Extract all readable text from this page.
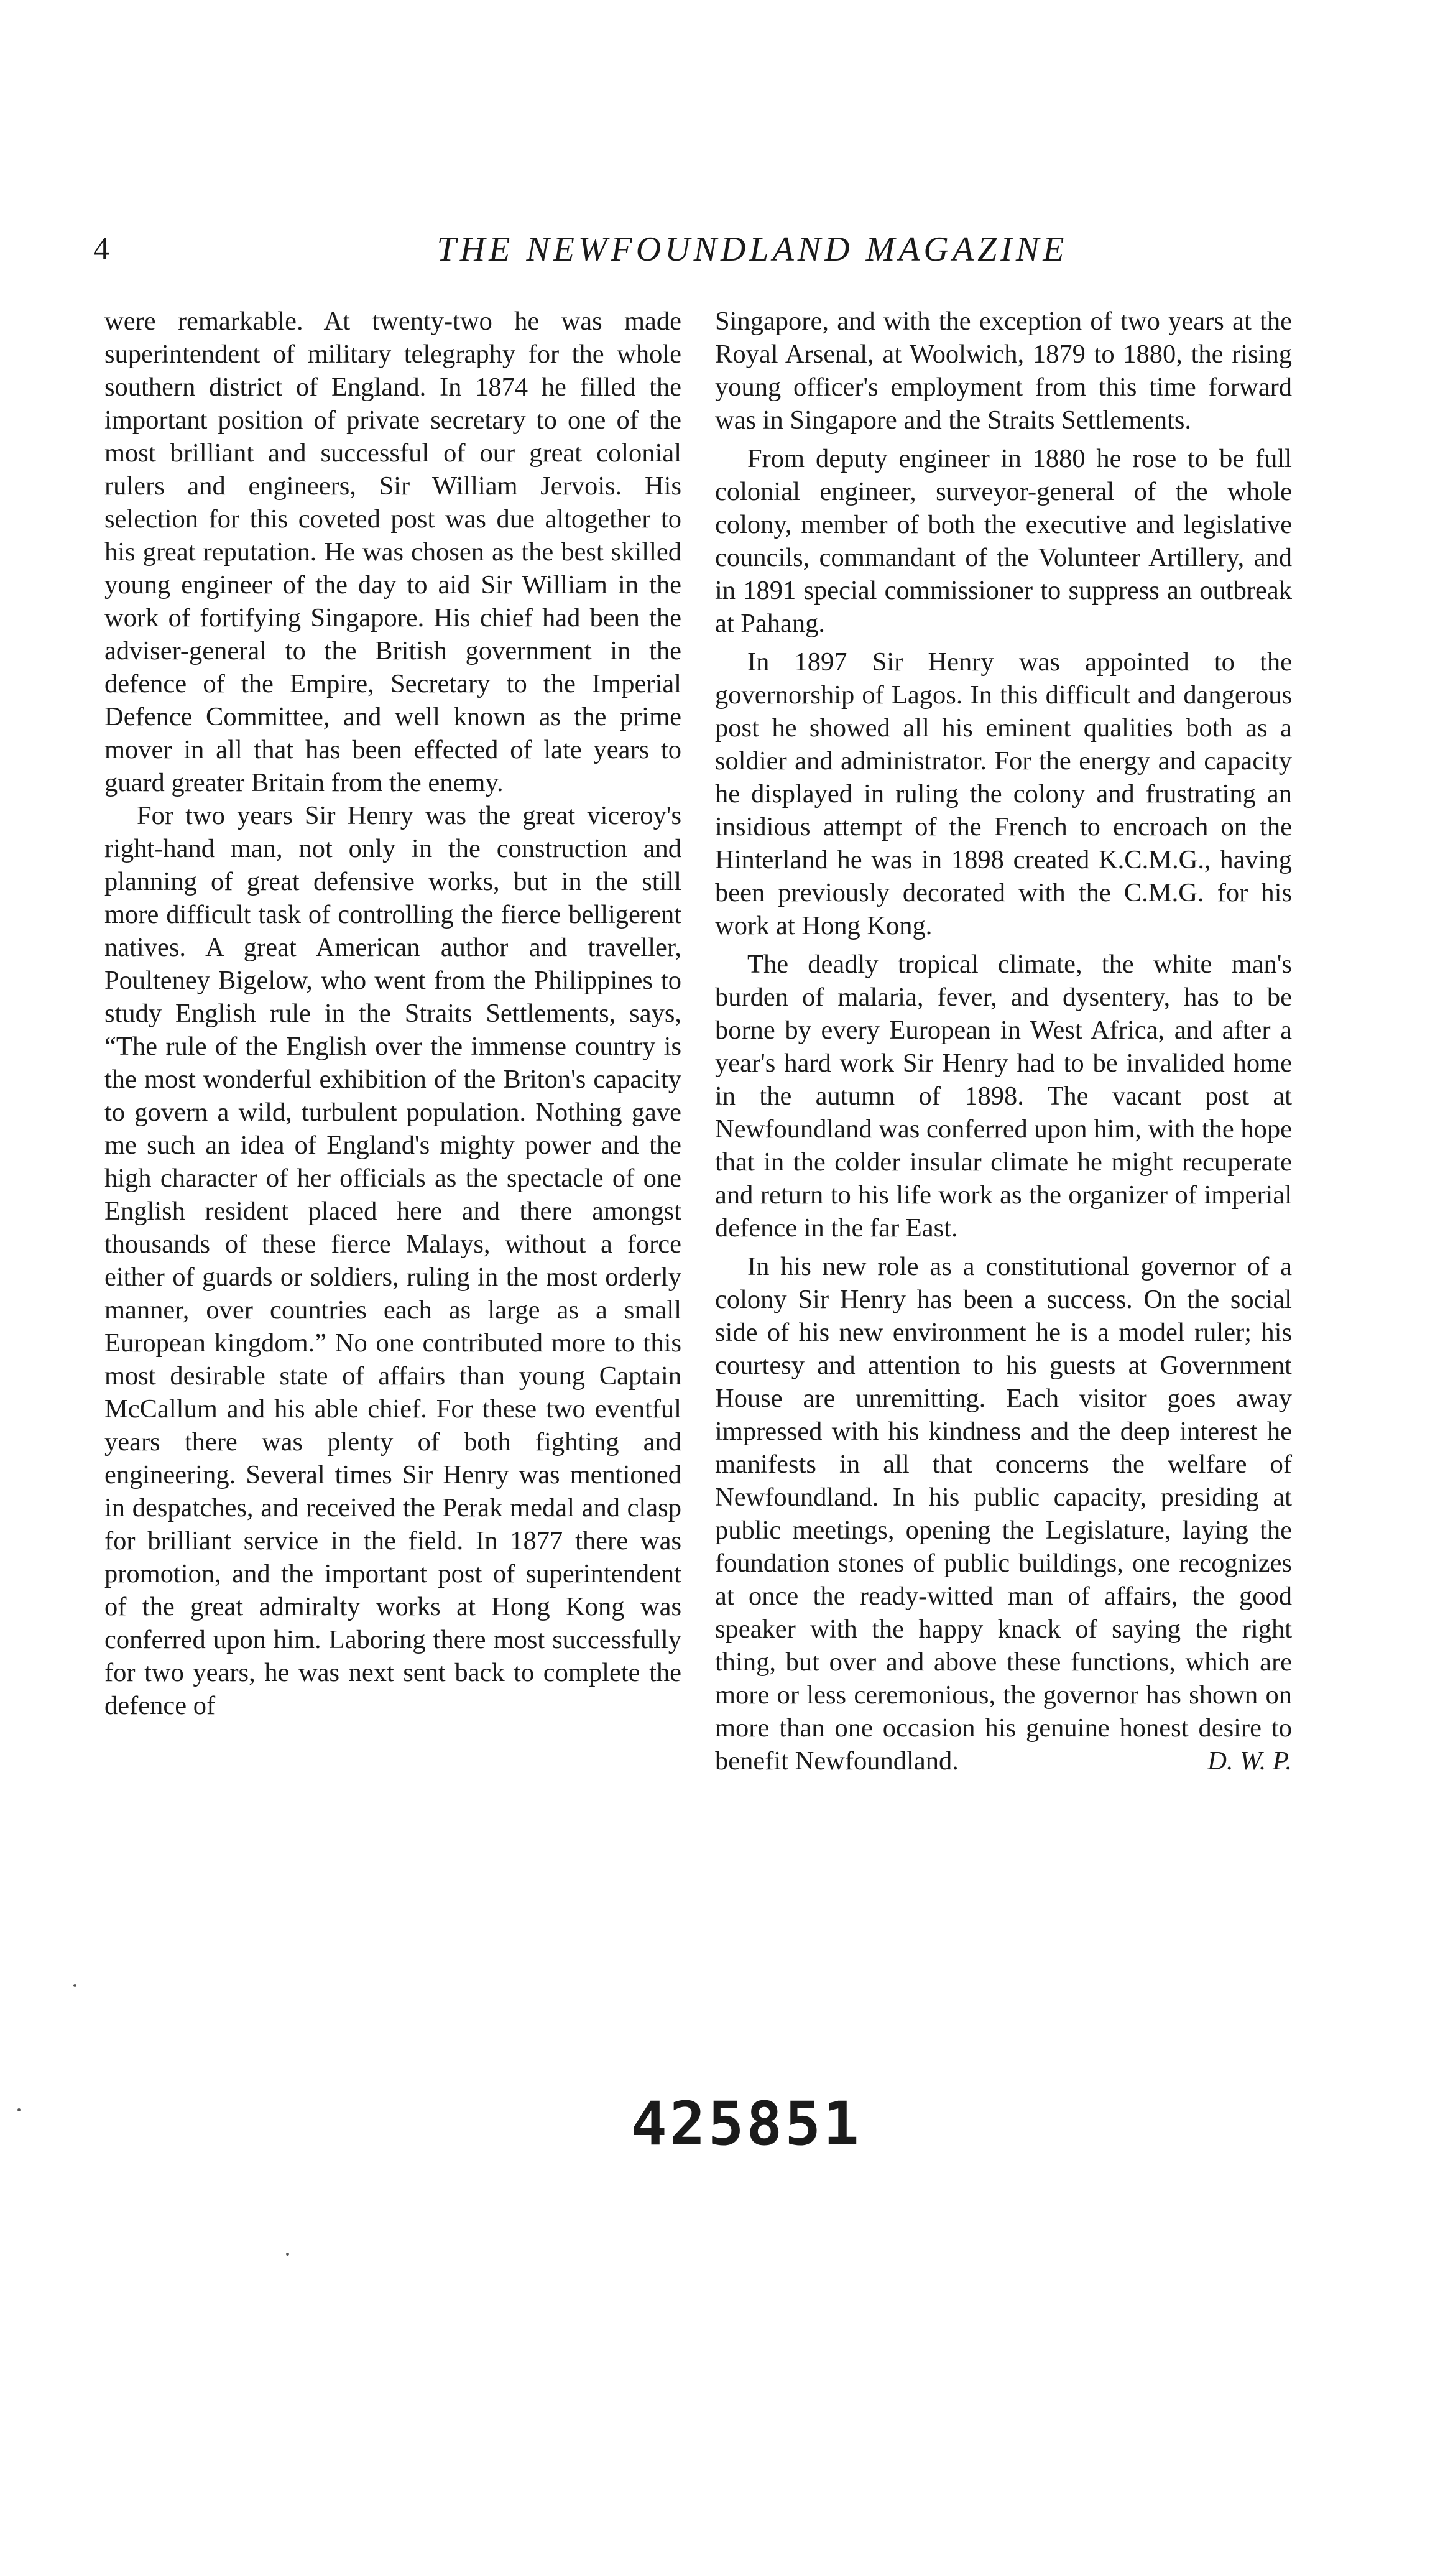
4	THE NEWFOUNDLAND MAGAZINE

were remarkable. At twenty-two he was made superintendent of military telegraphy for the whole southern district of England. In 1874 he filled the important position of private secretary to one of the most brilliant and successful of our great colonial rulers and engineers, Sir William Jervois. His selection for this coveted post was due altogether to his great reputation. He was chosen as the best skilled young engineer of the day to aid Sir William in the work of fortifying Singapore. His chief had been the adviser-general to the British government in the defence of the Empire, Secretary to the Imperial Defence Committee, and well known as the prime mover in all that has been effected of late years to guard greater Britain from the enemy.

For two years Sir Henry was the great viceroy's right-hand man, not only in the construction and planning of great defensive works, but in the still more difficult task of controlling the fierce belligerent natives. A great American author and traveller, Poulteney Bigelow, who went from the Philippines to study English rule in the Straits Settlements, says, “The rule of the English over the immense country is the most wonderful exhibition of the Briton's capacity to govern a wild, turbulent population. Nothing gave me such an idea of England's mighty power and the high character of her officials as the spectacle of one English resident placed here and there amongst thousands of these fierce Malays, without a force either of guards or soldiers, ruling in the most orderly manner, over countries each as large as a small European kingdom.” No one contributed more to this most desirable state of affairs than young Captain McCallum and his able chief. For these two eventful years there was plenty of both fighting and engineering. Several times Sir Henry was mentioned in despatches, and received the Perak medal and clasp for brilliant service in the field. In 1877 there was promotion, and the important post of superintendent of the great admiralty works at Hong Kong was conferred upon him. Laboring there most successfully for two years, he was next sent back to complete the defence of

Singapore, and with the exception of two years at the Royal Arsenal, at Woolwich, 1879 to 1880, the rising young officer's employment from this time forward was in Singapore and the Straits Settlements.

From deputy engineer in 1880 he rose to be full colonial engineer, surveyor-general of the whole colony, member of both the executive and legislative councils, commandant of the Volunteer Artillery, and in 1891 special commissioner to suppress an outbreak at Pahang.

In 1897 Sir Henry was appointed to the governorship of Lagos. In this difficult and dangerous post he showed all his eminent qualities both as a soldier and administrator. For the energy and capacity he displayed in ruling the colony and frustrating an insidious attempt of the French to encroach on the Hinterland he was in 1898 created K.C.M.G., having been previously decorated with the C.M.G. for his work at Hong Kong.

The deadly tropical climate, the white man's burden of malaria, fever, and dysentery, has to be borne by every European in West Africa, and after a year's hard work Sir Henry had to be invalided home in the autumn of 1898. The vacant post at Newfoundland was conferred upon him, with the hope that in the colder insular climate he might recuperate and return to his life work as the organizer of imperial defence in the far East.

In his new role as a constitutional governor of a colony Sir Henry has been a success. On the social side of his new environment he is a model ruler; his courtesy and attention to his guests at Government House are unremitting. Each visitor goes away impressed with his kindness and the deep interest he manifests in all that concerns the welfare of Newfoundland. In his public capacity, presiding at public meetings, opening the Legislature, laying the foundation stones of public buildings, one recognizes at once the ready-witted man of affairs, the good speaker with the happy knack of saying the right thing, but over and above these functions, which are more or less ceremonious, the governor has shown on more than one occasion his genuine honest desire to benefit Newfoundland.	D. W. P.

425851
